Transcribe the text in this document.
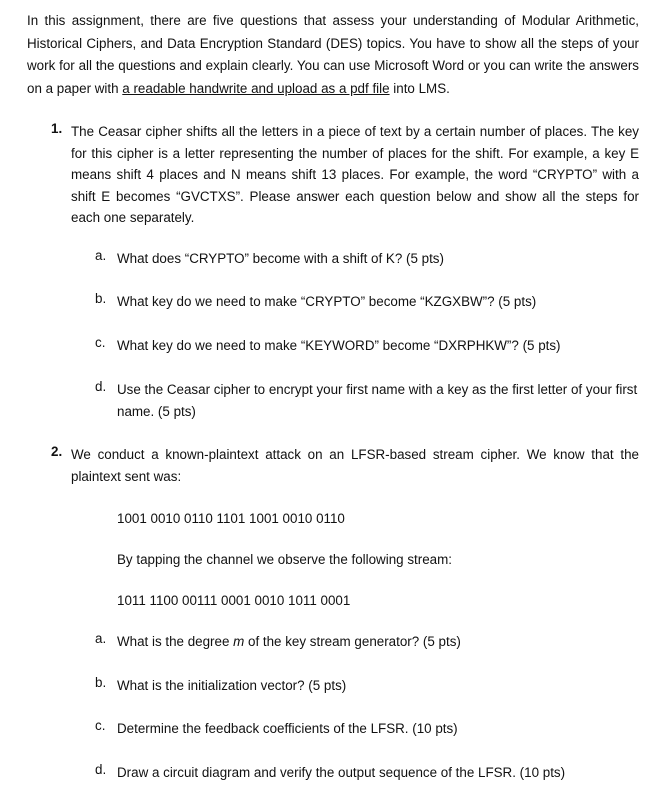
In this assignment, there are five questions that assess your understanding of Modular Arithmetic, Historical Ciphers, and Data Encryption Standard (DES) topics. You have to show all the steps of your work for all the questions and explain clearly. You can use Microsoft Word or you can write the answers on a paper with a readable handwrite and upload as a pdf file into LMS.

1. The Ceasar cipher shifts all the letters in a piece of text by a certain number of places. The key for this cipher is a letter representing the number of places for the shift. For example, a key E means shift 4 places and N means shift 13 places. For example, the word “CRYPTO” with a shift E becomes “GVCTXS”. Please answer each question below and show all the steps for each one separately.
a. What does “CRYPTO” become with a shift of K? (5 pts)
b. What key do we need to make “CRYPTO” become “KZGXBW”? (5 pts)
c. What key do we need to make “KEYWORD” become “DXRPHKW”? (5 pts)
d. Use the Ceasar cipher to encrypt your first name with a key as the first letter of your first name. (5 pts)
2. We conduct a known-plaintext attack on an LFSR-based stream cipher. We know that the plaintext sent was:
1001 0010 0110 1101 1001 0010 0110
By tapping the channel we observe the following stream:
1011 1100 00111 0001 0010 1011 0001
a. What is the degree m of the key stream generator? (5 pts)
b. What is the initialization vector? (5 pts)
c. Determine the feedback coefficients of the LFSR. (10 pts)
d. Draw a circuit diagram and verify the output sequence of the LFSR. (10 pts)
